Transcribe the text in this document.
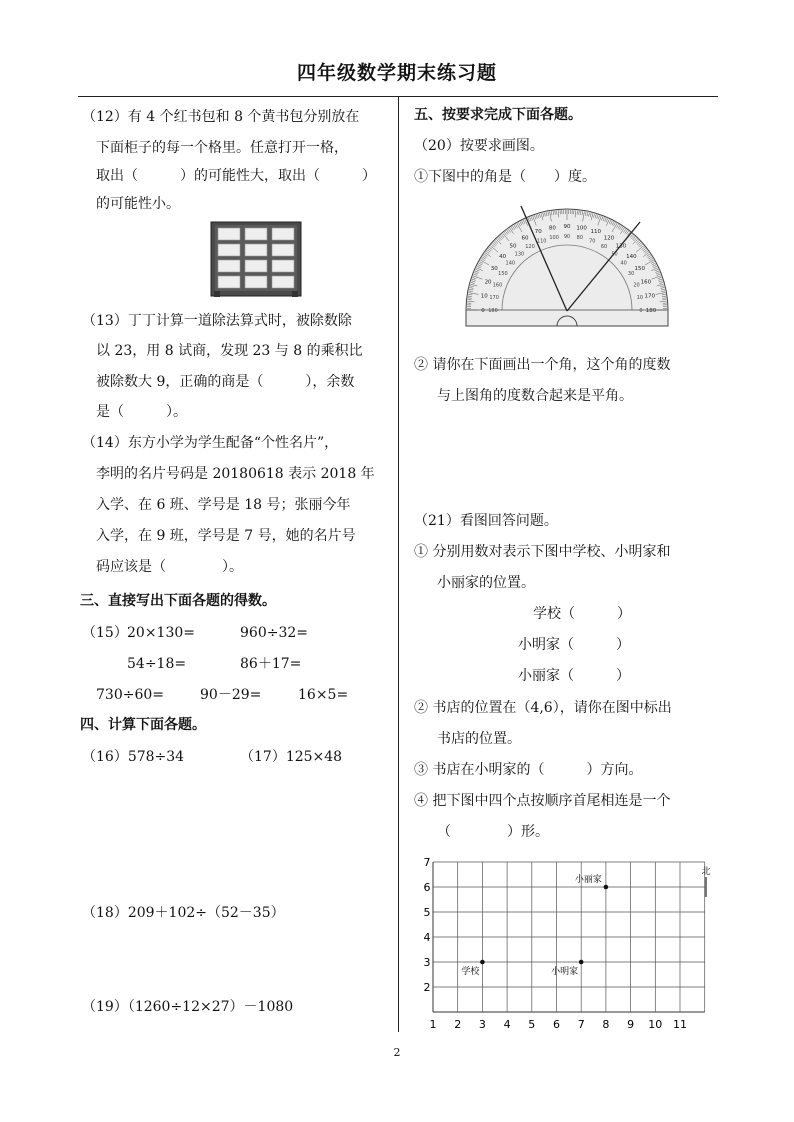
四年级数学期末练习题
（12）有 4 个红书包和 8 个黄书包分别放在
下面柜子的每一个格里。任意打开一格，
取出（　　　）的可能性大，取出（　　　）
的可能性小。
（13）丁丁计算一道除法算式时，被除数除
以 23，用 8 试商，发现 23 与 8 的乘积比
被除数大 9，正确的商是（　　　），余数
是（　　　）。
（14）东方小学为学生配备“个性名片”，
李明的名片号码是 20180618 表示 2018 年
入学、在 6 班、学号是 18 号；张丽今年
入学，在 9 班，学号是 7 号，她的名片号
码应该是（　　　　）。
三、直接写出下面各题的得数。
（15） 20×130=	960÷32=
54÷18=	86＋17=
730÷60=	90－29=	16×5=
四、计算下面各题。
（16）578÷34	（17）125×48
（18）209＋102÷（52－35）
（19）（1260÷12×27）－1080
五、按要求完成下面各题。
（20）按要求画图。
①下图中的角是（　　）度。
0
10
20
30
40
50
60
70
80 90 100
110
120
130
140
150
160
170
180
180
170
160
150
140
130
120
110
100 90 80
70
60
50
40
30
20
10
0
② 请你在下面画出一个角，这个角的度数
与上图角的度数合起来是平角。
（21）看图回答问题。
① 分别用数对表示下图中学校、小明家和
小丽家的位置。
学校（　　　）
小明家（　　　）
小丽家（　　　）
② 书店的位置在（4,6），请你在图中标出
书店的位置。
③ 书店在小明家的（　　　）方向。
④ 把下图中四个点按顺序首尾相连是一个
（　　　　）形。
1 2 3 4 5 6 7 8 9 10 11
2
3
4
5
6
7
学校	小明家
小丽家
北
2
